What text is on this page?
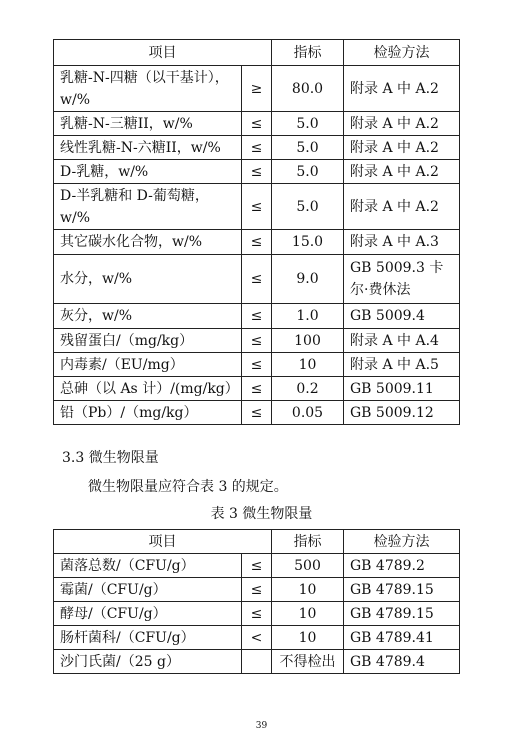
项目		指标	检验方法
乳糖-N-四糖（以干基计），w/%	≥	80.0	附录 A 中 A.2
乳糖-N-三糖II，w/%	≤	5.0	附录 A 中 A.2
线性乳糖-N-六糖II，w/%	≤	5.0	附录 A 中 A.2
D-乳糖，w/%	≤	5.0	附录 A 中 A.2
D-半乳糖和 D-葡萄糖，w/%	≤	5.0	附录 A 中 A.2
其它碳水化合物，w/%	≤	15.0	附录 A 中 A.3
水分，w/%	≤	9.0	GB 5009.3 卡尔·费休法
灰分，w/%	≤	1.0	GB 5009.4
残留蛋白/（mg/kg）	≤	100	附录 A 中 A.4
内毒素/（EU/mg）	≤	10	附录 A 中 A.5
总砷（以 As 计）/(mg/kg）	≤	0.2	GB 5009.11
铅（Pb）/（mg/kg）	≤	0.05	GB 5009.12
3.3 微生物限量
微生物限量应符合表 3 的规定。
表 3 微生物限量
项目		指标	检验方法
菌落总数/（CFU/g）	≤	500	GB 4789.2
霉菌/（CFU/g）	≤	10	GB 4789.15
酵母/（CFU/g）	≤	10	GB 4789.15
肠杆菌科/（CFU/g）	<	10	GB 4789.41
沙门氏菌/（25 g）		不得检出	GB 4789.4
39
